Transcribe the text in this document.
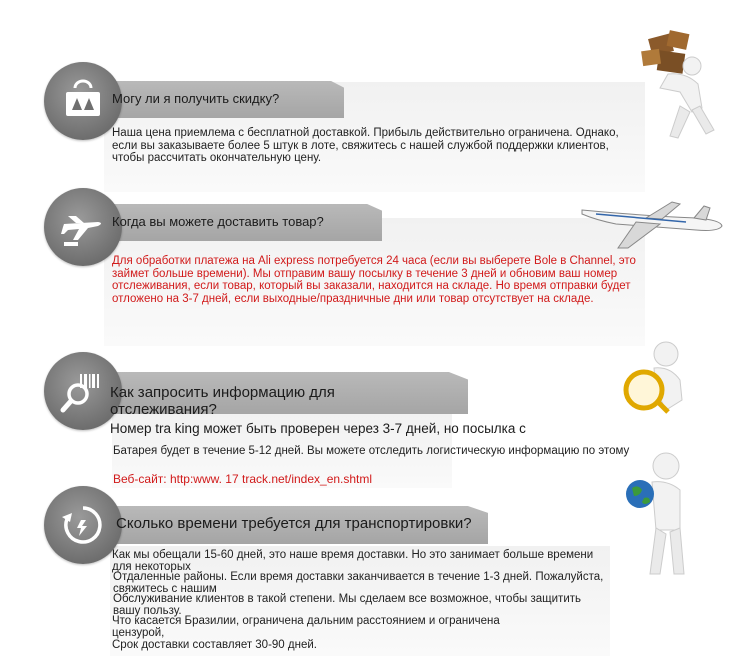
Могу ли я получить скидку?
Наша цена приемлема с бесплатной доставкой. Прибыль действительно ограничена. Однако, если вы заказываете более 5 штук в лоте, свяжитесь с нашей службой поддержки клиентов, чтобы рассчитать окончательную цену.
Когда вы можете доставить товар?
Для обработки платежа на Ali express потребуется 24 часа (если вы выберете Bole в Channel, это займет больше времени). Мы отправим вашу посылку в течение 3 дней и обновим ваш номер отслеживания, если товар, который вы заказали, находится на складе. Но время отправки будет отложено на 3-7 дней, если выходные/праздничные дни или товар отсутствует на складе.
Как запросить информацию для отслеживания?
Номер tra king может быть проверен через 3-7 дней, но посылка с
Батарея будет в течение 5-12 дней. Вы можете отследить логистическую информацию по этому
Веб-сайт: http:www. 17 track.net/index_en.shtml
Сколько времени требуется для транспортировки?
Как мы обещали 15-60 дней, это наше время доставки. Но это занимает больше времени
для некоторых
Отдаленные районы. Если время доставки заканчивается в течение 1-3 дней. Пожалуйста,
свяжитесь с нашим
Обслуживание клиентов в такой степени. Мы сделаем все возможное, чтобы защитить
вашу пользу.
Что касается Бразилии, ограничена дальним расстоянием и ограничена
цензурой,
Срок доставки составляет 30-90 дней.
